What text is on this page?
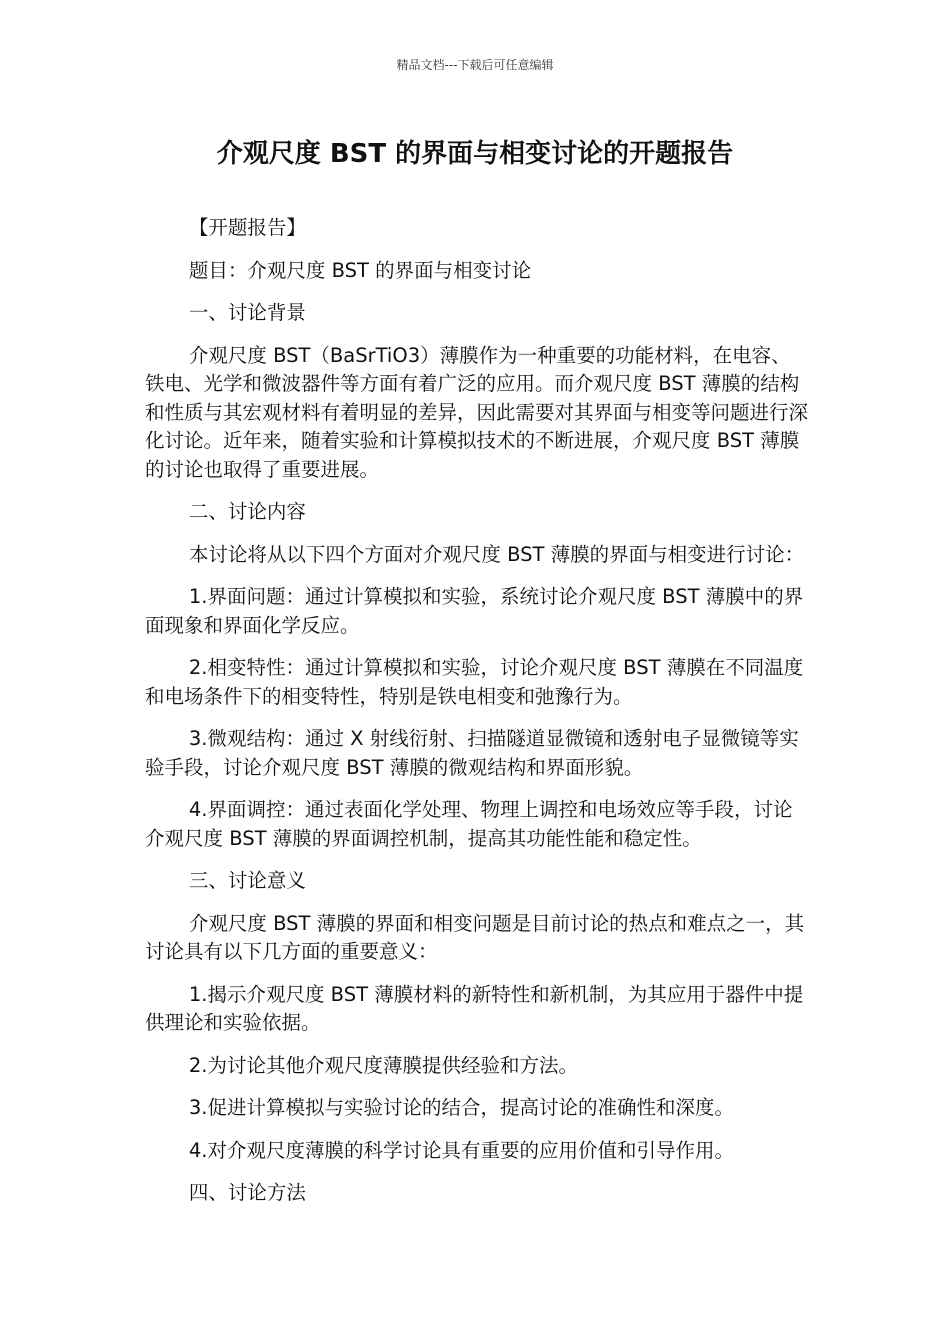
精品文档---下载后可任意编辑
介观尺度 BST 的界面与相变讨论的开题报告

【开题报告】

题目：介观尺度 BST 的界面与相变讨论

一、讨论背景

介观尺度 BST（BaSrTiO3）薄膜作为一种重要的功能材料，在电容、铁电、光学和微波器件等方面有着广泛的应用。而介观尺度 BST 薄膜的结构和性质与其宏观材料有着明显的差异，因此需要对其界面与相变等问题进行深化讨论。近年来，随着实验和计算模拟技术的不断进展，介观尺度 BST 薄膜的讨论也取得了重要进展。

二、讨论内容

本讨论将从以下四个方面对介观尺度 BST 薄膜的界面与相变进行讨论：

1.界面问题：通过计算模拟和实验，系统讨论介观尺度 BST 薄膜中的界面现象和界面化学反应。

2.相变特性：通过计算模拟和实验，讨论介观尺度 BST 薄膜在不同温度和电场条件下的相变特性，特别是铁电相变和弛豫行为。

3.微观结构：通过 X 射线衍射、扫描隧道显微镜和透射电子显微镜等实验手段，讨论介观尺度 BST 薄膜的微观结构和界面形貌。

4.界面调控：通过表面化学处理、物理上调控和电场效应等手段，讨论介观尺度 BST 薄膜的界面调控机制，提高其功能性能和稳定性。

三、讨论意义

介观尺度 BST 薄膜的界面和相变问题是目前讨论的热点和难点之一，其讨论具有以下几方面的重要意义：

1.揭示介观尺度 BST 薄膜材料的新特性和新机制，为其应用于器件中提供理论和实验依据。

2.为讨论其他介观尺度薄膜提供经验和方法。

3.促进计算模拟与实验讨论的结合，提高讨论的准确性和深度。

4.对介观尺度薄膜的科学讨论具有重要的应用价值和引导作用。

四、讨论方法
